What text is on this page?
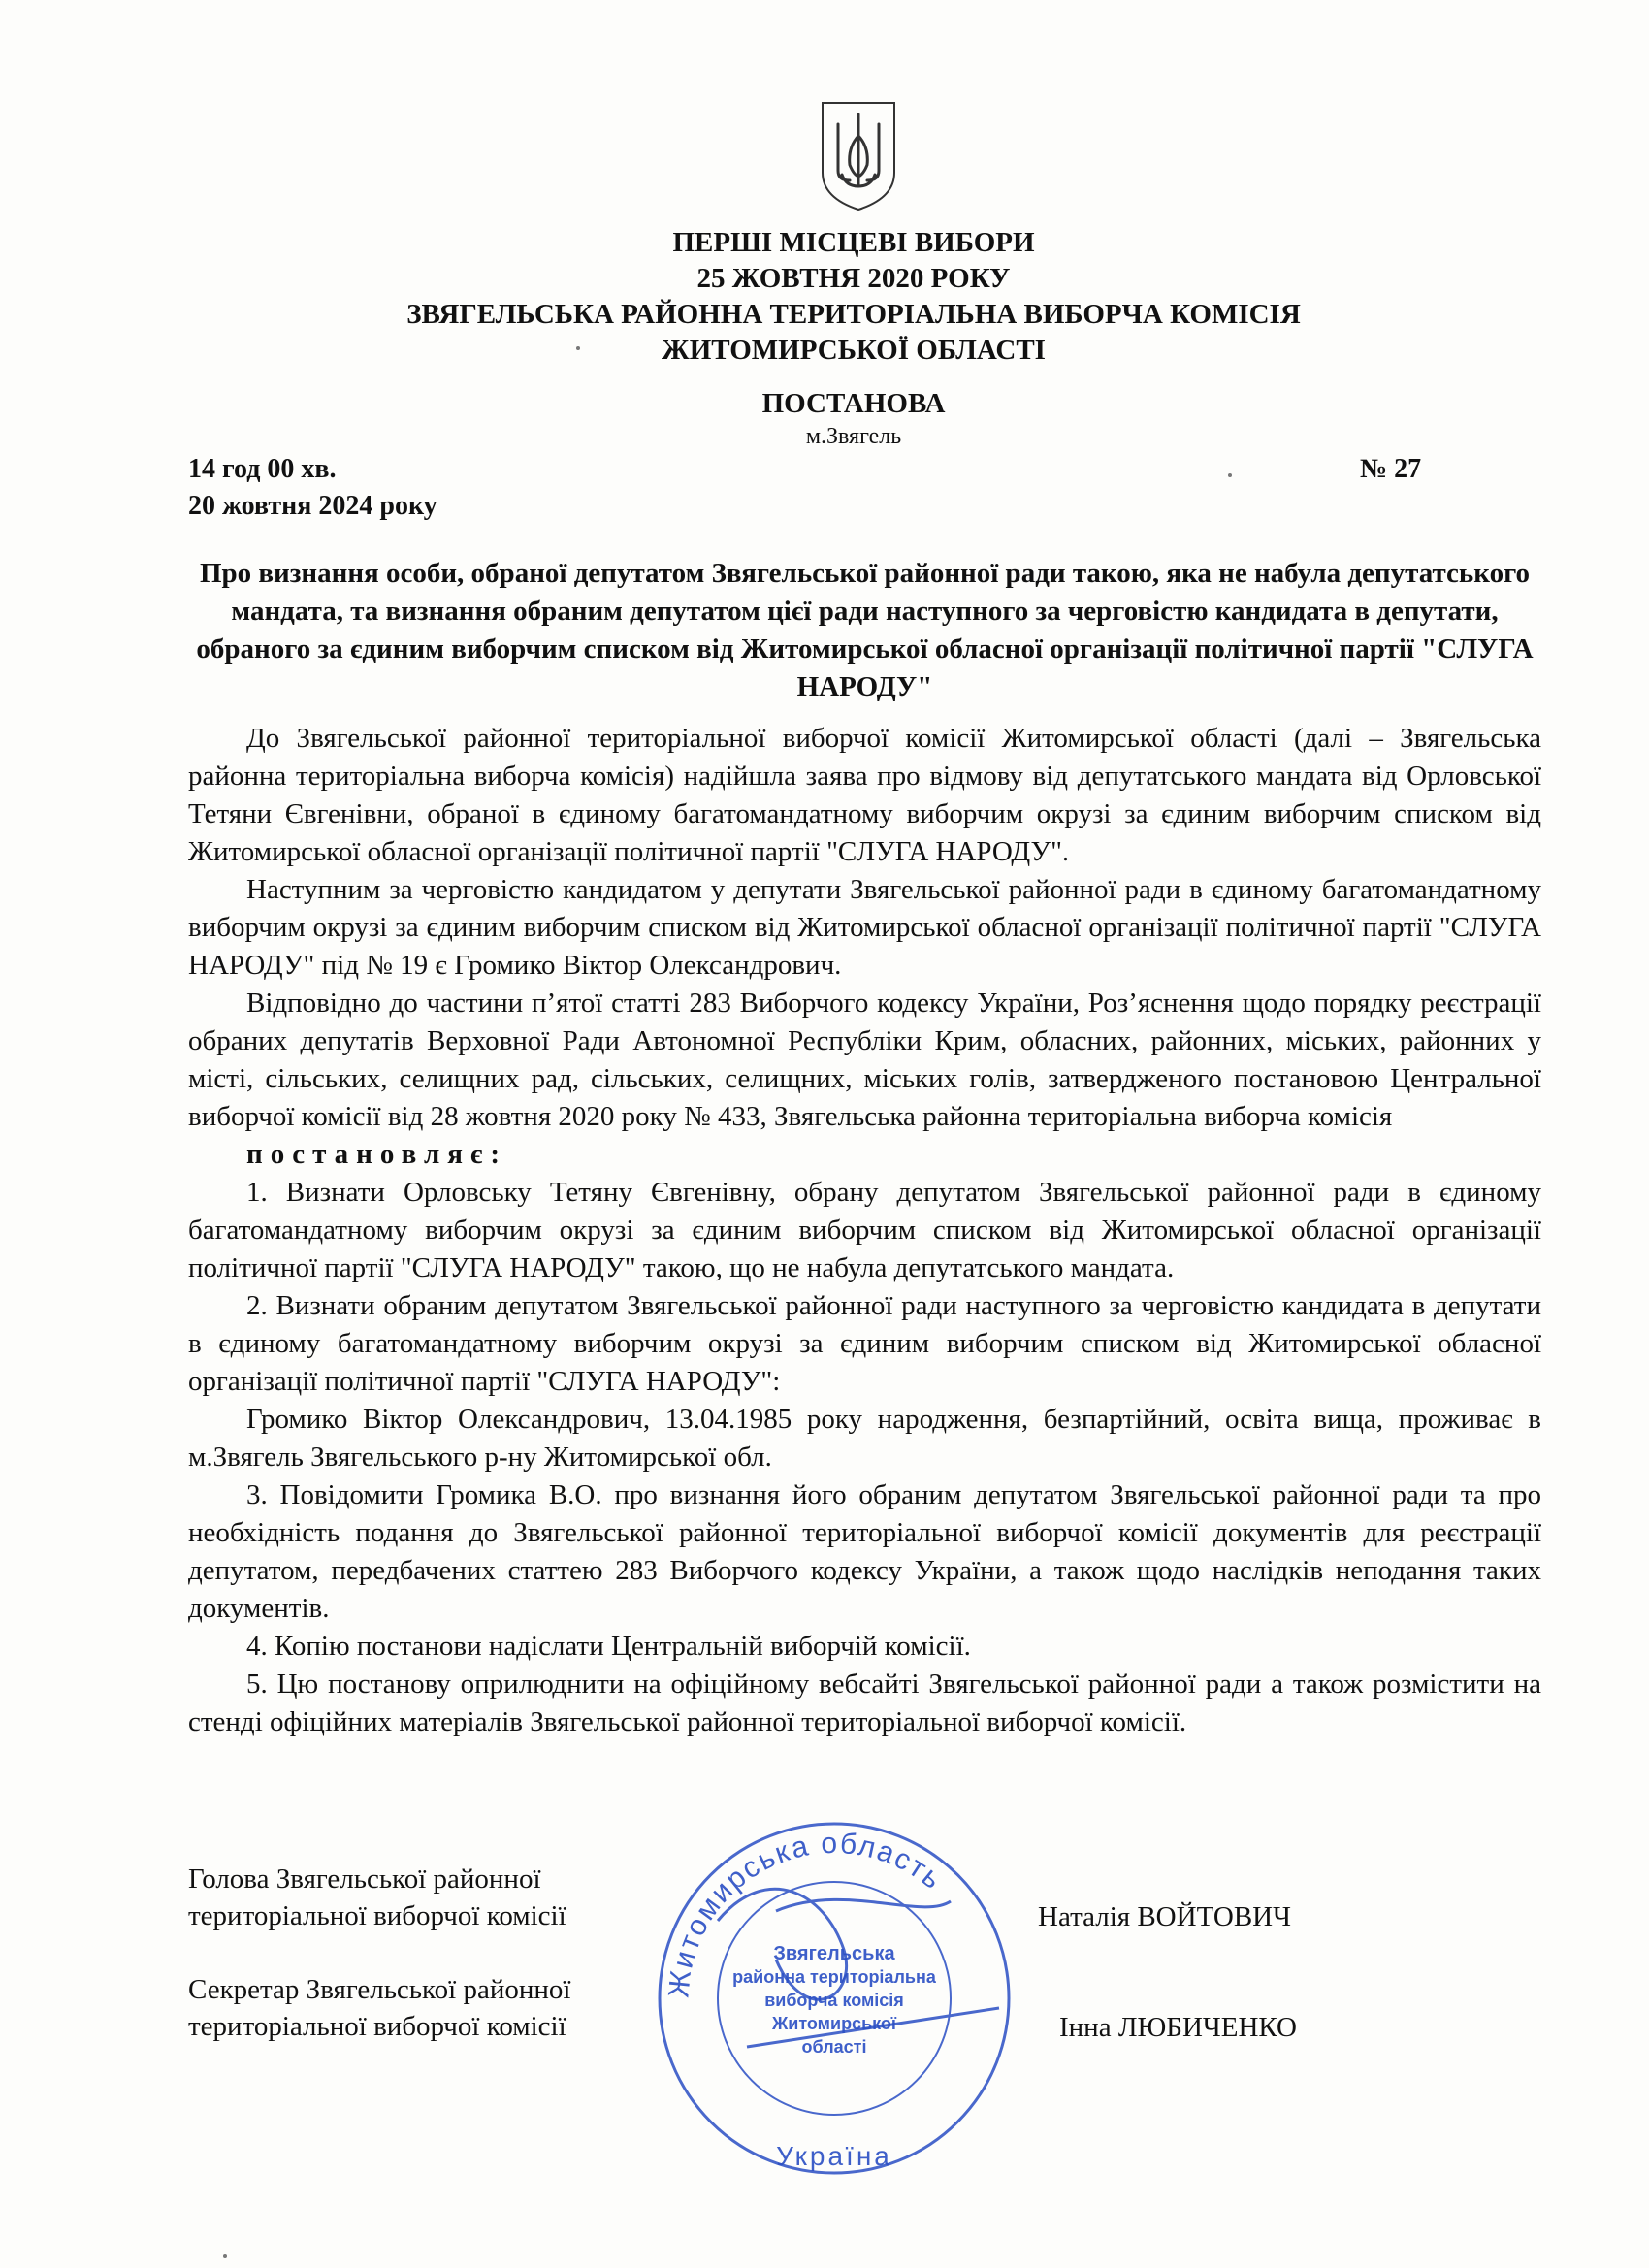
ПЕРШІ МІСЦЕВІ ВИБОРИ
25 ЖОВТНЯ 2020 РОКУ
ЗВЯГЕЛЬСЬКА РАЙОННА ТЕРИТОРІАЛЬНА ВИБОРЧА КОМІСІЯ
ЖИТОМИРСЬКОЇ ОБЛАСТІ
ПОСТАНОВА
м.Звягель
14 год 00 хв.
20 жовтня 2024 року
№ 27
Про визнання особи, обраної депутатом Звягельської районної ради такою, яка не набула депутатського мандата, та визнання обраним депутатом цієї ради наступного за черговістю кандидата в депутати, обраного за єдиним виборчим списком від Житомирської обласної організації політичної партії "СЛУГА НАРОДУ"

До Звягельської районної територіальної виборчої комісії Житомирської області (далі – Звягельська районна територіальна виборча комісія) надійшла заява про відмову від депутатського мандата від Орловської Тетяни Євгенівни, обраної в єдиному багатомандатному виборчим окрузі за єдиним виборчим списком від Житомирської обласної організації політичної партії "СЛУГА НАРОДУ".

Наступним за черговістю кандидатом у депутати Звягельської районної ради в єдиному багатомандатному виборчим окрузі за єдиним виборчим списком від Житомирської обласної організації політичної партії "СЛУГА НАРОДУ" під № 19 є Громико Віктор Олександрович.

Відповідно до частини п’ятої статті 283 Виборчого кодексу України, Роз’яснення щодо порядку реєстрації обраних депутатів Верховної Ради Автономної Республіки Крим, обласних, районних, міських, районних у місті, сільських, селищних рад, сільських, селищних, міських голів, затвердженого постановою Центральної виборчої комісії від 28 жовтня 2020 року № 433, Звягельська районна територіальна виборча комісія

постановляє:

1. Визнати Орловську Тетяну Євгенівну, обрану депутатом Звягельської районної ради в єдиному багатомандатному виборчим окрузі за єдиним виборчим списком від Житомирської обласної організації політичної партії "СЛУГА НАРОДУ" такою, що не набула депутатського мандата.

2. Визнати обраним депутатом Звягельської районної ради наступного за черговістю кандидата в депутати в єдиному багатомандатному виборчим окрузі за єдиним виборчим списком від Житомирської обласної організації політичної партії "СЛУГА НАРОДУ":

Громико Віктор Олександрович, 13.04.1985 року народження, безпартійний, освіта вища, проживає в м.Звягель Звягельського р-ну Житомирської обл.

3. Повідомити Громика В.О. про визнання його обраним депутатом Звягельської районної ради та про необхідність подання до Звягельської районної територіальної виборчої комісії документів для реєстрації депутатом, передбачених статтею 283 Виборчого кодексу України, а також щодо наслідків неподання таких документів.

4. Копію постанови надіслати Центральній виборчій комісії.

5. Цю постанову оприлюднити на офіційному вебсайті Звягельської районної ради а також розмістити на стенді офіційних матеріалів Звягельської районної територіальної виборчої комісії.

Голова Звягельської районної
територіальної виборчої комісії	Наталія ВОЙТОВИЧ
Секретар Звягельської районної
територіальної виборчої комісії	Інна ЛЮБИЧЕНКО
Житомирська область
Україна
Звягельська
районна територіальна
виборча комісія
Житомирської
області
